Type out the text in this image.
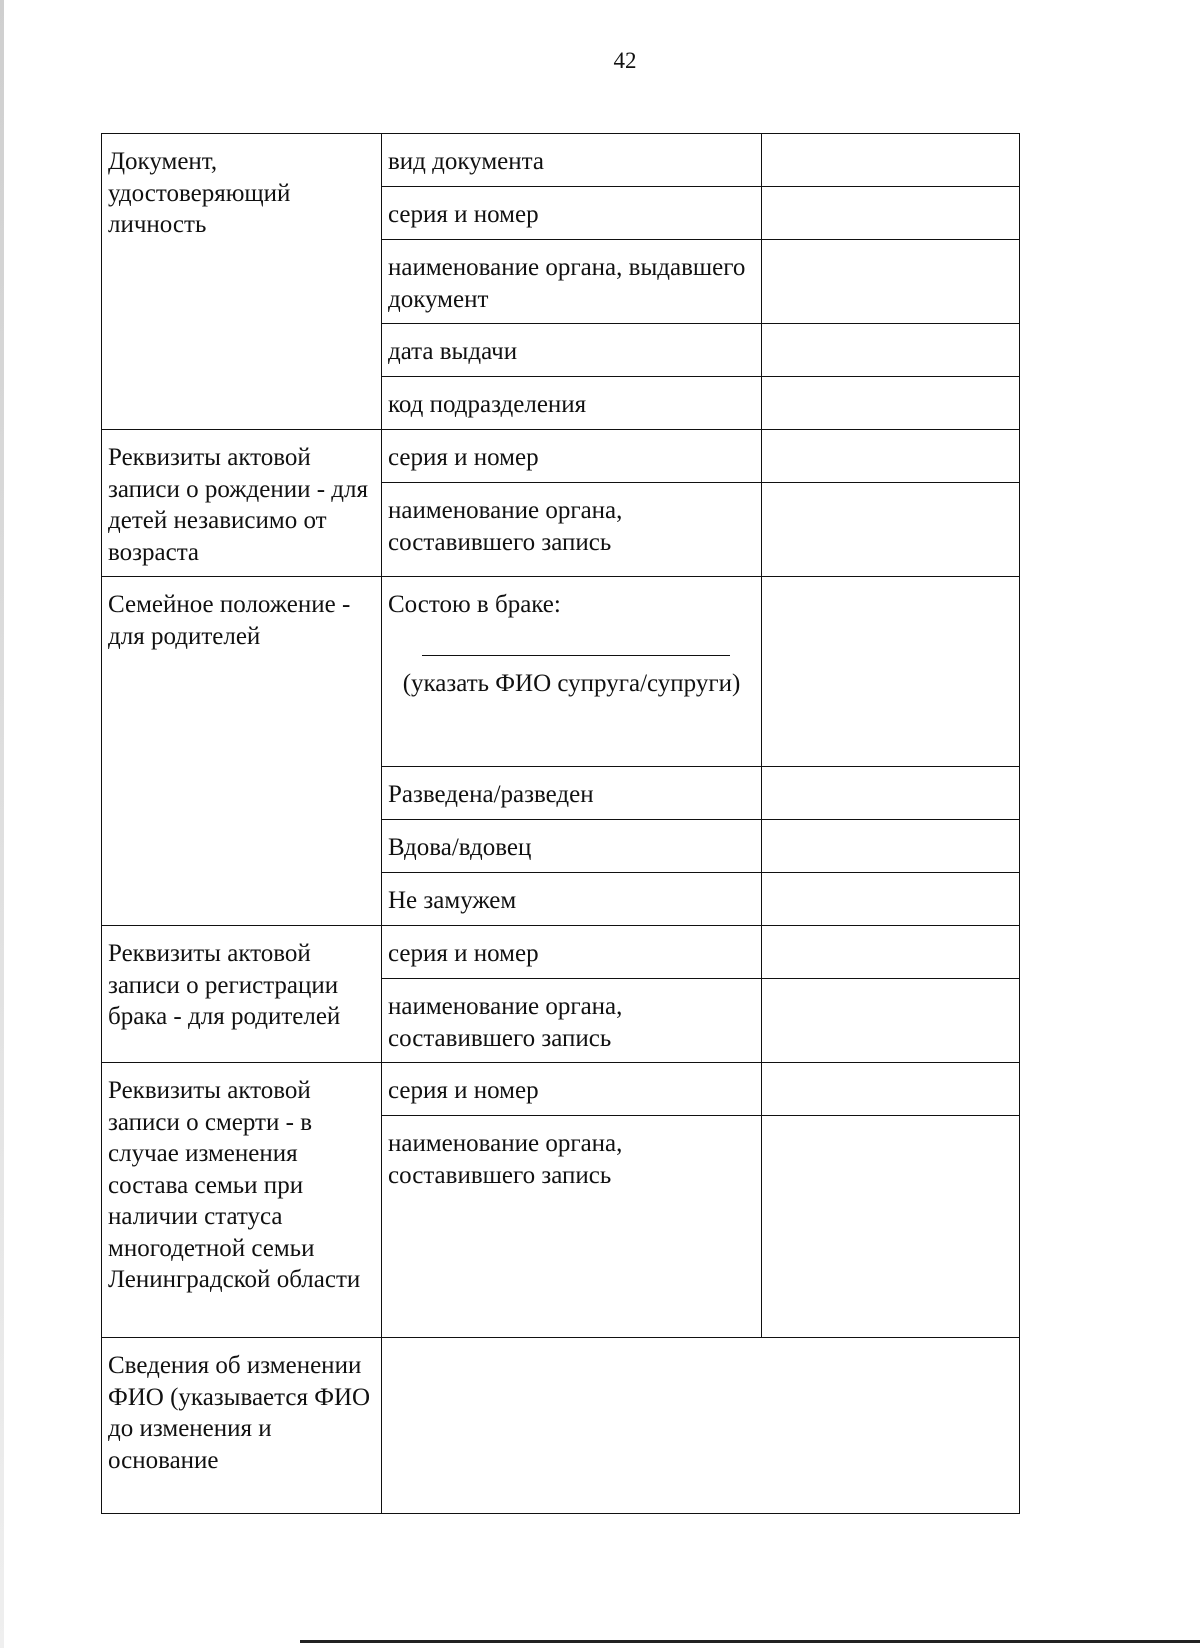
42
Документ, удостоверяющий личность	вид документа	
	серия и номер	
	наименование органа, выдавшего документ	
	дата выдачи	
	код подразделения	
Реквизиты актовой записи о рождении - для детей независимо от возраста	серия и номер	
	наименование органа, составившего запись	
Семейное положение - для родителей	Состою в браке:
(указать ФИО супруга/супруги)	

	Разведена/разведен	
	Вдова/вдовец	
	Не замужем	
Реквизиты актовой записи о регистрации брака - для родителей	серия и номер	
	наименование органа, составившего запись	
Реквизиты актовой записи о смерти - в случае изменения состава семьи при наличии статуса многодетной семьи Ленинградской области	серия и номер	
	наименование органа, составившего запись	
Сведения об изменении ФИО (указывается ФИО до изменения и основание		
